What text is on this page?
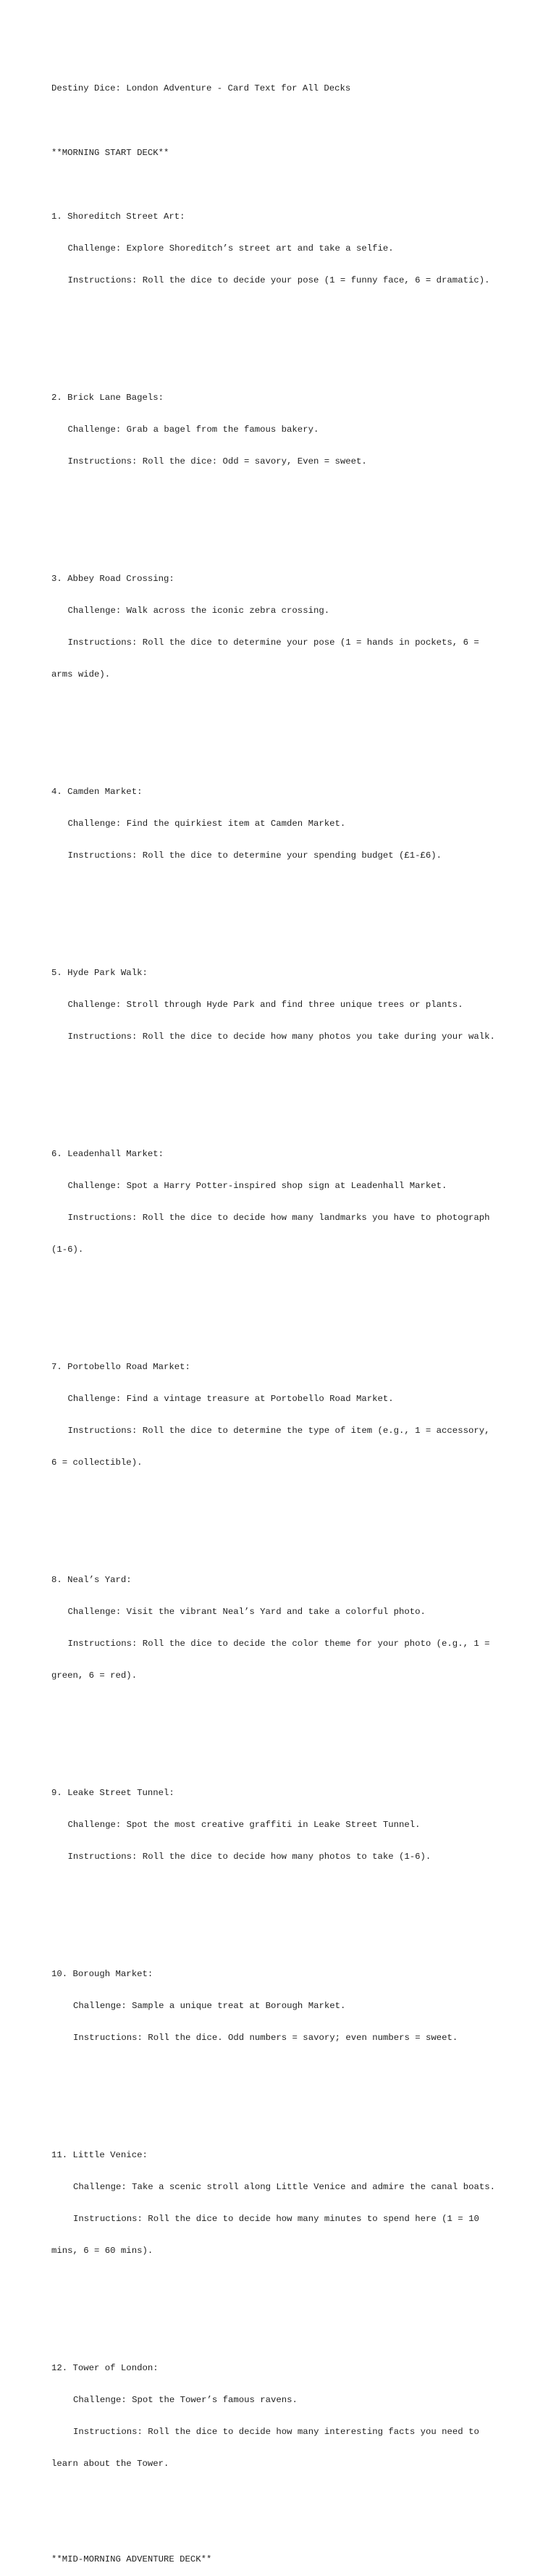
Destiny Dice: London Adventure - Card Text for All Decks

**MORNING START DECK**

1. Shoreditch Street Art:

Challenge: Explore Shoreditch’s street art and take a selfie.

Instructions: Roll the dice to decide your pose (1 = funny face, 6 = dramatic).

2. Brick Lane Bagels:

Challenge: Grab a bagel from the famous bakery.

Instructions: Roll the dice: Odd = savory, Even = sweet.

3. Abbey Road Crossing:

Challenge: Walk across the iconic zebra crossing.

Instructions: Roll the dice to determine your pose (1 = hands in pockets, 6 =

arms wide).

4. Camden Market:

Challenge: Find the quirkiest item at Camden Market.

Instructions: Roll the dice to determine your spending budget (£1-£6).

5. Hyde Park Walk:

Challenge: Stroll through Hyde Park and find three unique trees or plants.

Instructions: Roll the dice to decide how many photos you take during your walk.

6. Leadenhall Market:

Challenge: Spot a Harry Potter-inspired shop sign at Leadenhall Market.

Instructions: Roll the dice to decide how many landmarks you have to photograph

(1-6).

7. Portobello Road Market:

Challenge: Find a vintage treasure at Portobello Road Market.

Instructions: Roll the dice to determine the type of item (e.g., 1 = accessory,

6 = collectible).

8. Neal’s Yard:

Challenge: Visit the vibrant Neal’s Yard and take a colorful photo.

Instructions: Roll the dice to decide the color theme for your photo (e.g., 1 =

green, 6 = red).

9. Leake Street Tunnel:

Challenge: Spot the most creative graffiti in Leake Street Tunnel.

Instructions: Roll the dice to decide how many photos to take (1-6).

10. Borough Market:

Challenge: Sample a unique treat at Borough Market.

Instructions: Roll the dice. Odd numbers = savory; even numbers = sweet.

11. Little Venice:

Challenge: Take a scenic stroll along Little Venice and admire the canal boats.

Instructions: Roll the dice to decide how many minutes to spend here (1 = 10

mins, 6 = 60 mins).

12. Tower of London:

Challenge: Spot the Tower’s famous ravens.

Instructions: Roll the dice to decide how many interesting facts you need to

learn about the Tower.

**MID-MORNING ADVENTURE DECK**
